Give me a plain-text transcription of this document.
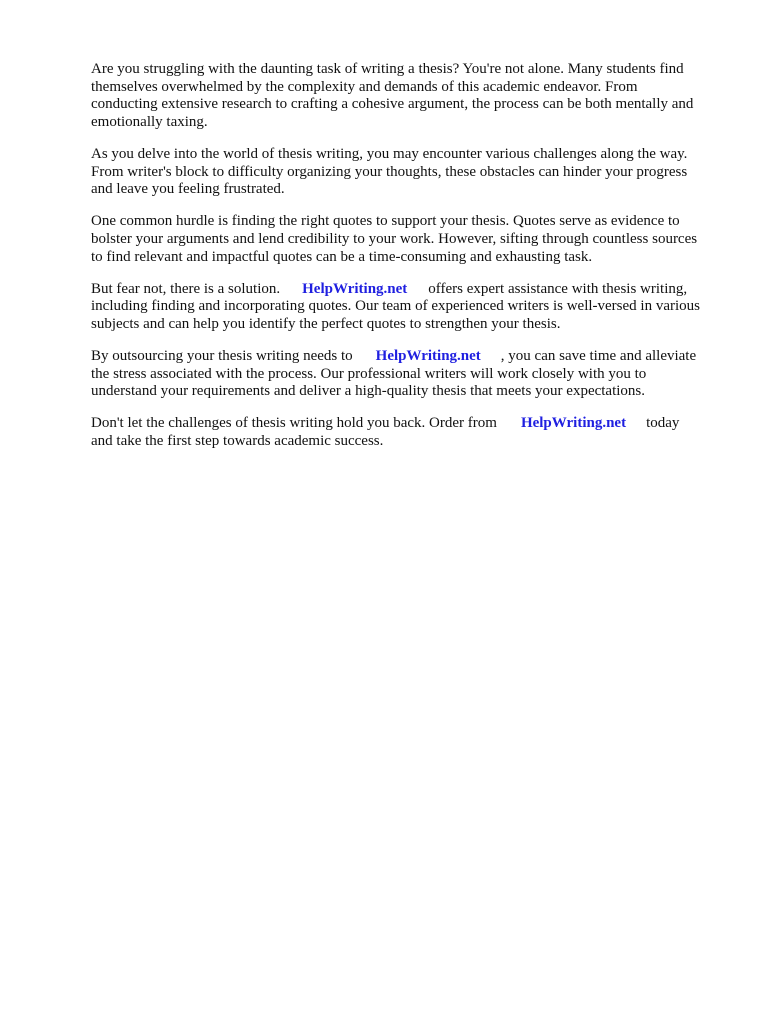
Are you struggling with the daunting task of writing a thesis? You're not alone. Many students find
themselves overwhelmed by the complexity and demands of this academic endeavor. From
conducting extensive research to crafting a cohesive argument, the process can be both mentally and
emotionally taxing.

As you delve into the world of thesis writing, you may encounter various challenges along the way.
From writer's block to difficulty organizing your thoughts, these obstacles can hinder your progress
and leave you feeling frustrated.

One common hurdle is finding the right quotes to support your thesis. Quotes serve as evidence to
bolster your arguments and lend credibility to your work. However, sifting through countless sources
to find relevant and impactful quotes can be a time-consuming and exhausting task.

But fear not, there is a solution. HelpWriting.net offers expert assistance with thesis writing,
including finding and incorporating quotes. Our team of experienced writers is well-versed in various
subjects and can help you identify the perfect quotes to strengthen your thesis.

By outsourcing your thesis writing needs to HelpWriting.net , you can save time and alleviate
the stress associated with the process. Our professional writers will work closely with you to
understand your requirements and deliver a high-quality thesis that meets your expectations.

Don't let the challenges of thesis writing hold you back. Order from HelpWriting.net today
and take the first step towards academic success.
